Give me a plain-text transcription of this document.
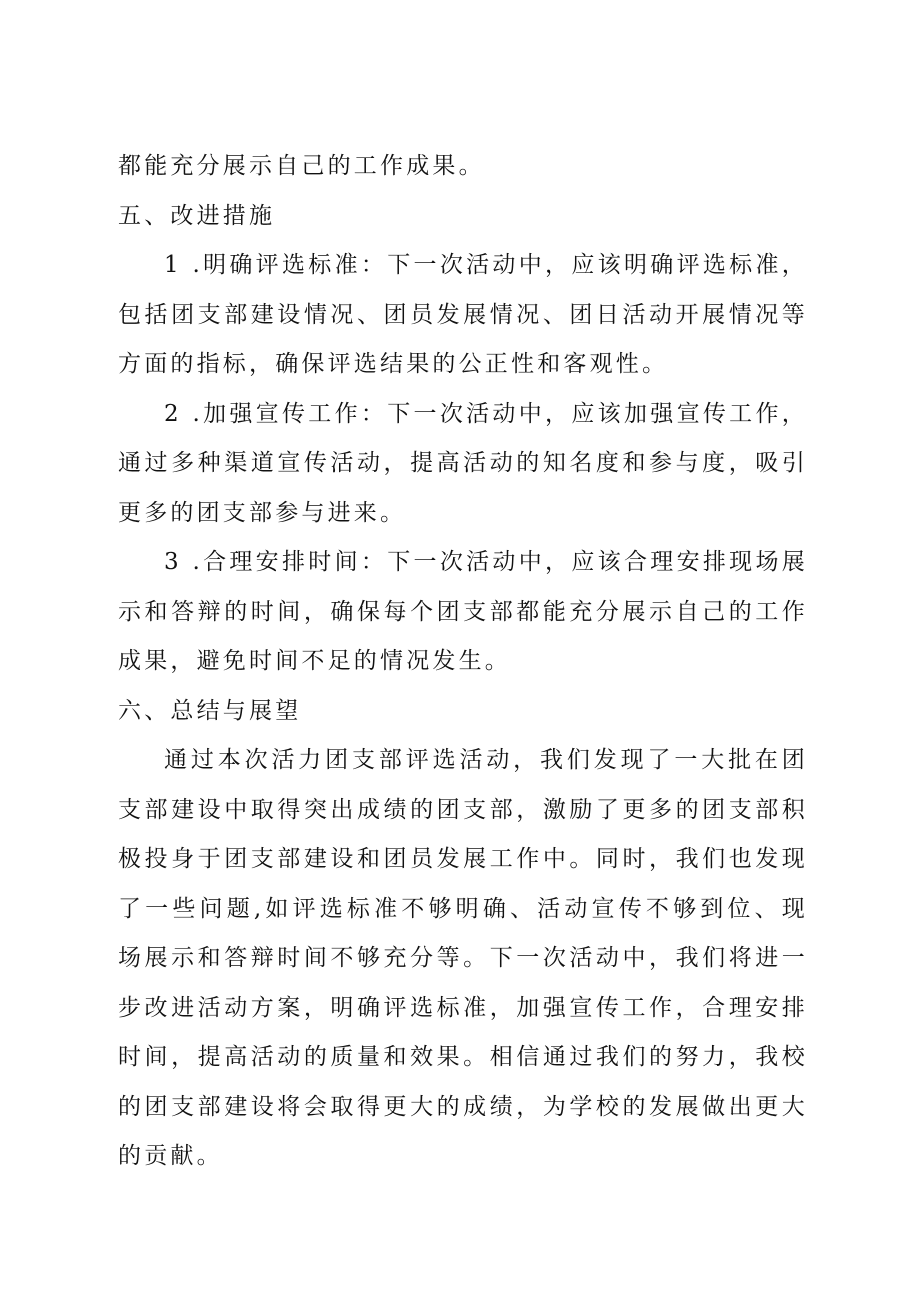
都能充分展示自己的工作成果。

五、改进措施

1 .明确评选标准：下一次活动中，应该明确评选标准，包括团支部建设情况、团员发展情况、团日活动开展情况等方面的指标，确保评选结果的公正性和客观性。

2 .加强宣传工作：下一次活动中，应该加强宣传工作，通过多种渠道宣传活动，提高活动的知名度和参与度，吸引更多的团支部参与进来。

3 .合理安排时间：下一次活动中，应该合理安排现场展示和答辩的时间，确保每个团支部都能充分展示自己的工作成果，避免时间不足的情况发生。

六、总结与展望

通过本次活力团支部评选活动，我们发现了一大批在团支部建设中取得突出成绩的团支部，激励了更多的团支部积极投身于团支部建设和团员发展工作中。同时，我们也发现了一些问题,如评选标准不够明确、活动宣传不够到位、现场展示和答辩时间不够充分等。下一次活动中，我们将进一步改进活动方案，明确评选标准，加强宣传工作，合理安排时间，提高活动的质量和效果。相信通过我们的努力，我校的团支部建设将会取得更大的成绩，为学校的发展做出更大的贡献。
